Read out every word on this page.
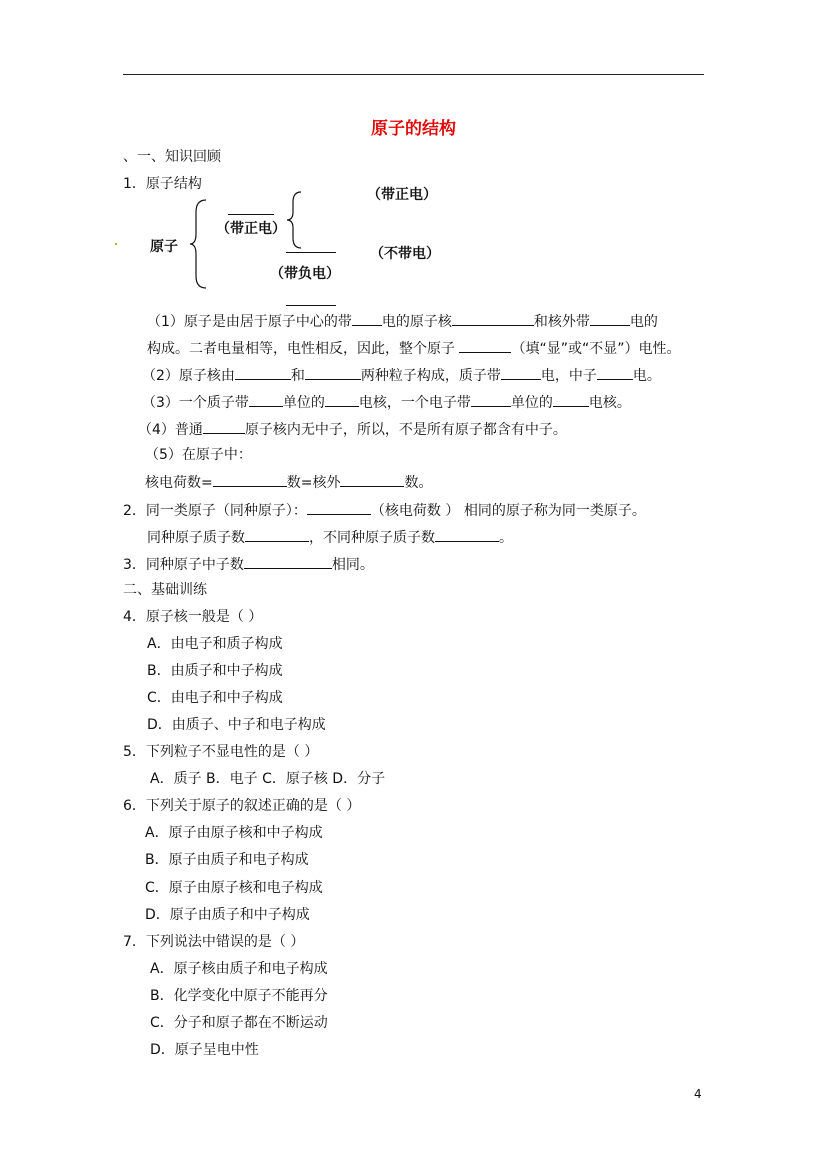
原子的结构
、一、知识回顾
1．原子结构
原子
（带正电）
（带正电）
（不带电）
（带负电）
（1）原子是由居于原子中心的带 电的原子核	和核外带	电的
构成。二者电量相等，电性相反，因此，整个原子	（填“显”或“不显”）电性。
（2）原子核由	和	两种粒子构成，质子带	电，中子	电。
（3）一个质子带 单位的 电核，一个电子带	单位的	电核。
（4）普通	原子核内无中子，所以，不是所有原子都含有中子。
（5）在原子中：
核电荷数=	数=核外	数。
2．同一类原子（同种原子）：	（核电荷数 ） 相同的原子称为同一类原子。
同种原子质子数	，不同种原子质子数	。
3．同种原子中子数	相同。
二、基础训练
4．原子核一般是（ ）
A．由电子和质子构成
B．由质子和中子构成
C．由电子和中子构成
D．由质子、中子和电子构成
5．下列粒子不显电性的是（ ）
A．质子 B．电子 C．原子核 D．分子
6．下列关于原子的叙述正确的是（ ）
A．原子由原子核和中子构成
B．原子由质子和电子构成
C．原子由原子核和电子构成
D．原子由质子和中子构成
7．下列说法中错误的是（ ）
A．原子核由质子和电子构成
B．化学变化中原子不能再分
C．分子和原子都在不断运动
D．原子呈电中性
4
